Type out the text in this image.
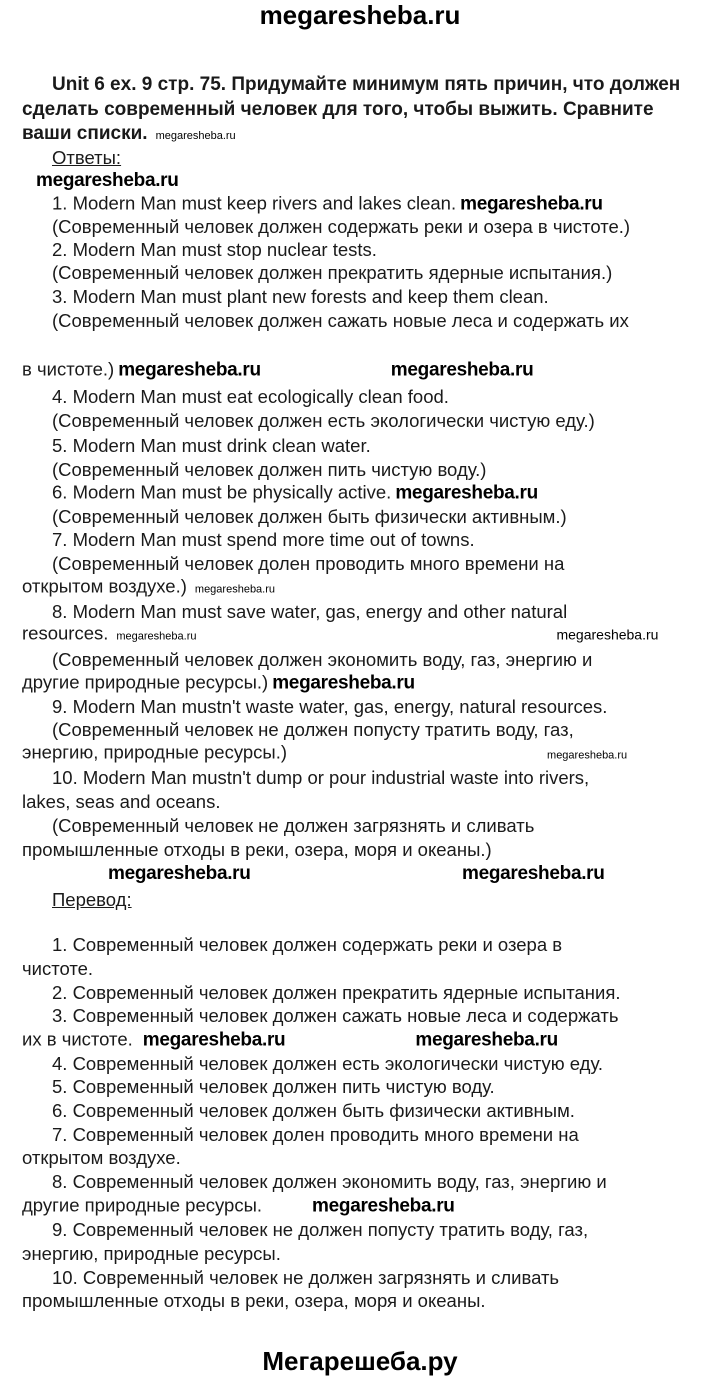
megaresheba.ru
Unit 6 ex. 9 стр. 75. Придумайте минимум пять причин, что должен
сделать современный человек для того, чтобы выжить. Сравните
ваши списки. megaresheba.ru
Ответы:
megaresheba.ru
1. Modern Man must keep rivers and lakes clean. megaresheba.ru
(Современный человек должен содержать реки и озера в чистоте.)
2. Modern Man must stop nuclear tests.
(Современный человек должен прекратить ядерные испытания.)
3. Modern Man must plant new forests and keep them clean.
(Современный человек должен сажать новые леса и содержать их
в чистоте.) megaresheba.ru	megaresheba.ru
4. Modern Man must eat ecologically clean food.
(Современный человек должен есть экологически чистую еду.)
5. Modern Man must drink clean water.
(Современный человек должен пить чистую воду.)
6. Modern Man must be physically active. megaresheba.ru
(Современный человек должен быть физически активным.)
7. Modern Man must spend more time out of towns.
(Современный человек долен проводить много времени на
открытом воздухе.) megaresheba.ru
8. Modern Man must save water, gas, energy and other natural
resources. megaresheba.ru	megaresheba.ru
(Современный человек должен экономить воду, газ, энергию и
другие природные ресурсы.) megaresheba.ru
9. Modern Man mustn't waste water, gas, energy, natural resources.
(Современный человек не должен попусту тратить воду, газ,
энергию, природные ресурсы.)	megaresheba.ru
10. Modern Man mustn't dump or pour industrial waste into rivers,
lakes, seas and oceans.
(Современный человек не должен загрязнять и сливать
промышленные отходы в реки, озера, моря и океаны.)
megaresheba.ru	megaresheba.ru
Перевод:
1. Современный человек должен содержать реки и озера в
чистоте.
2. Современный человек должен прекратить ядерные испытания.
3. Современный человек должен сажать новые леса и содержать
их в чистоте. megaresheba.ru	megaresheba.ru
4. Современный человек должен есть экологически чистую еду.
5. Современный человек должен пить чистую воду.
6. Современный человек должен быть физически активным.
7. Современный человек долен проводить много времени на
открытом воздухе.
8. Современный человек должен экономить воду, газ, энергию и
другие природные ресурсы.	megaresheba.ru
9. Современный человек не должен попусту тратить воду, газ,
энергию, природные ресурсы.
10. Современный человек не должен загрязнять и сливать
промышленные отходы в реки, озера, моря и океаны.
Мегарешеба.ру
